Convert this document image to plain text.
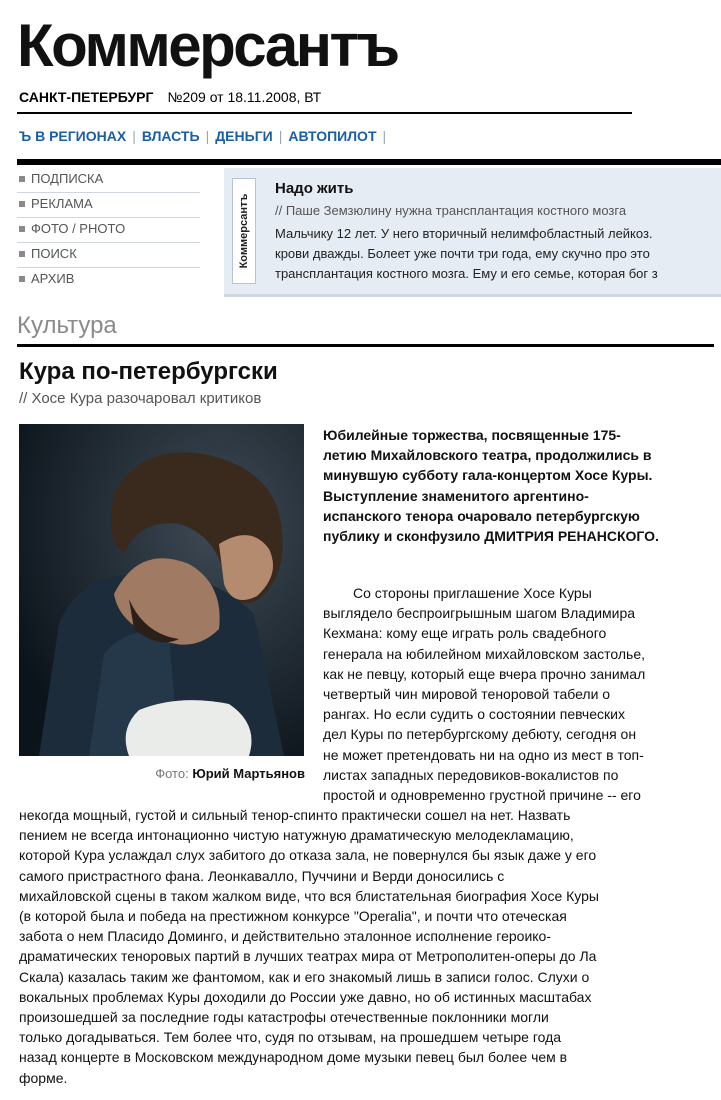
Коммерсантъ
САНКТ-ПЕТЕРБУРГ №209 от 18.11.2008, ВТ
Ъ В РЕГИОНАХ | ВЛАСТЬ | ДЕНЬГИ | АВТОПИЛОТ |
ПОДПИСКА
РЕКЛАМА
ФОТО / PHOTO
ПОИСК
АРХИВ
Коммерсантъ
Надо жить
// Паше Земзюлину нужна трансплантация костного мозга
Мальчику 12 лет. У него вторичный нелимфобластный лейкоз.
крови дважды. Болеет уже почти три года, ему скучно про это
трансплантация костного мозга. Ему и его семье, которая бог з
Культура
Кура по-петербургски
// Хосе Кура разочаровал критиков
Фото: Юрий Мартьянов
Юбилейные торжества, посвященные 175-
летию Михайловского театра, продолжились в
минувшую субботу гала-концертом Хосе Куры.
Выступление знаменитого аргентино-
испанского тенора очаровало петербургскую
публику и сконфузило ДМИТРИЯ РЕНАНСКОГО.
Со стороны приглашение Хосе Куры
выглядело беспроигрышным шагом Владимира
Кехмана: кому еще играть роль свадебного
генерала на юбилейном михайловском застолье,
как не певцу, который еще вчера прочно занимал
четвертый чин мировой теноровой табели о
рангах. Но если судить о состоянии певческих
дел Куры по петербургскому дебюту, сегодня он
не может претендовать ни на одно из мест в топ-
листах западных передовиков-вокалистов по
простой и одновременно грустной причине -- его
некогда мощный, густой и сильный тенор-спинто практически сошел на нет. Назвать
пением не всегда интонационно чистую натужную драматическую мелодекламацию,
которой Кура услаждал слух забитого до отказа зала, не повернулся бы язык даже у его
самого пристрастного фана. Леонкавалло, Пуччини и Верди доносились с
михайловской сцены в таком жалком виде, что вся блистательная биография Хосе Куры
(в которой была и победа на престижном конкурсе "Operalia", и почти что отеческая
забота о нем Пласидо Доминго, и действительно эталонное исполнение героико-
драматических теноровых партий в лучших театрах мира от Метрополитен-оперы до Ла
Скала) казалась таким же фантомом, как и его знакомый лишь в записи голос. Слухи о
вокальных проблемах Куры доходили до России уже давно, но об истинных масштабах
произошедшей за последние годы катастрофы отечественные поклонники могли
только догадываться. Тем более что, судя по отзывам, на прошедшем четыре года
назад концерте в Московском международном доме музыки певец был более чем в
форме.
